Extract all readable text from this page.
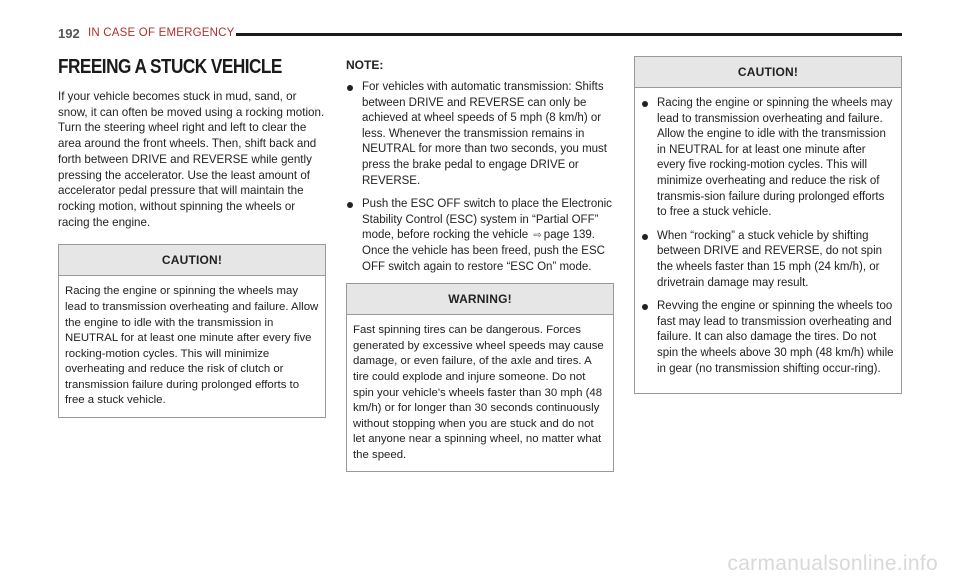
192 IN CASE OF EMERGENCY
FREEING A STUCK VEHICLE

If your vehicle becomes stuck in mud, sand, or snow, it can often be moved using a rocking motion. Turn the steering wheel right and left to clear the area around the front wheels. Then, shift back and forth between DRIVE and REVERSE while gently pressing the accelerator. Use the least amount of accelerator pedal pressure that will maintain the rocking motion, without spinning the wheels or racing the engine.

CAUTION!
Racing the engine or spinning the wheels may lead to transmission overheating and failure. Allow the engine to idle with the transmission in NEUTRAL for at least one minute after every five rocking-motion cycles. This will minimize overheating and reduce the risk of clutch or transmission failure during prolonged efforts to free a stuck vehicle.
NOTE:
For vehicles with automatic transmission: Shifts between DRIVE and REVERSE can only be achieved at wheel speeds of 5 mph (8 km/h) or less. Whenever the transmission remains in NEUTRAL for more than two seconds, you must press the brake pedal to engage DRIVE or REVERSE.
Push the ESC OFF switch to place the Electronic Stability Control (ESC) system in “Partial OFF” mode, before rocking the vehicle ⇨ page 139. Once the vehicle has been freed, push the ESC OFF switch again to restore “ESC On” mode.
WARNING!
Fast spinning tires can be dangerous. Forces generated by excessive wheel speeds may cause damage, or even failure, of the axle and tires. A tire could explode and injure someone. Do not spin your vehicle's wheels faster than 30 mph (48 km/h) or for longer than 30 seconds continuously without stopping when you are stuck and do not let anyone near a spinning wheel, no matter what the speed.
CAUTION!
Racing the engine or spinning the wheels may lead to transmission overheating and failure. Allow the engine to idle with the transmission in NEUTRAL for at least one minute after every five rocking-motion cycles. This will minimize overheating and reduce the risk of transmis-sion failure during prolonged efforts to free a stuck vehicle.
When “rocking” a stuck vehicle by shifting between DRIVE and REVERSE, do not spin the wheels faster than 15 mph (24 km/h), or drivetrain damage may result.
Revving the engine or spinning the wheels too fast may lead to transmission overheating and failure. It can also damage the tires. Do not spin the wheels above 30 mph (48 km/h) while in gear (no transmission shifting occur-ring).
carmanualsonline.info
